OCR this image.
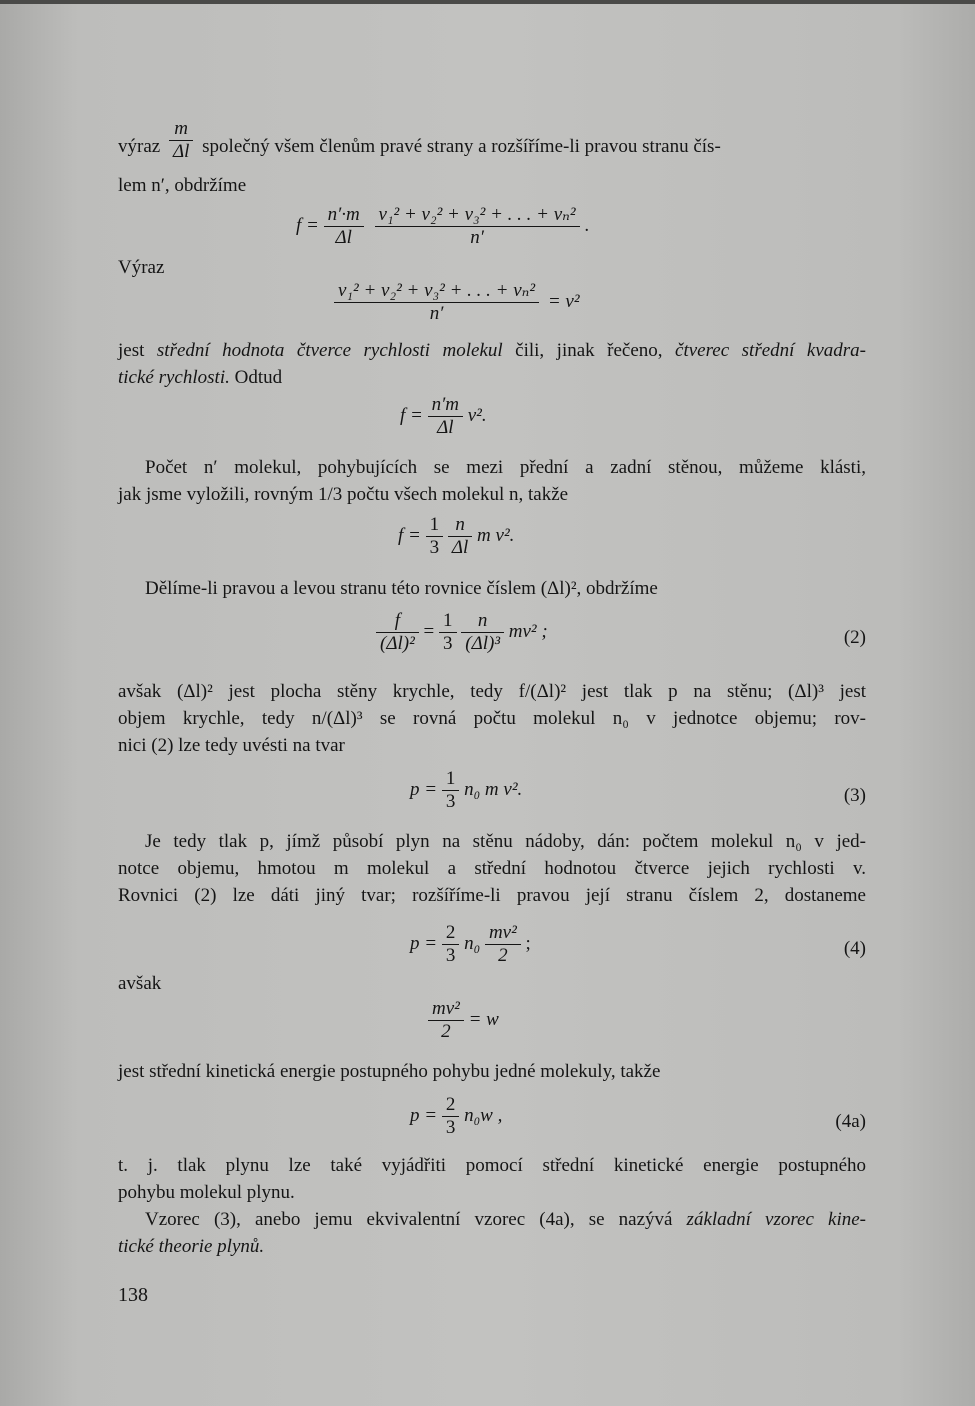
výraz $\frac{m}{\Delta l}$ společný všem členům pravé strany a rozšíříme-li pravou stranu čís-
lem n′, obdržíme
$f = \frac{n'\cdot m}{\Delta l}$
$\frac{\text{v₁² + v₂² + v₃² + . . . + vₙ²}}{n'}$ .
Výraz
$\frac{\text{v₁² + v₂² + v₃² + . . . + vₙ²}}{n'} = v^2$
jest střední hodnota čtverce rychlosti molekul čili, jinak řečeno, čtverec střední kvadra-
tické rychlosti. Odtud
$f = \frac{n'm}{\Delta l} v^2$.
Počet n′ molekul, pohybujících se mezi přední a zadní stěnou, můžeme klásti,
jak jsme vyložili, rovným 1/3 počtu všech molekul n, takže
$f = \frac{1}{3}$
$\frac{n}{\Delta l}$ m v².
Dělíme-li pravou a levou stranu této rovnice číslem (Δl)², obdržíme
$\frac{f}{\text{(Δl)²}} = \frac{1}{3}$
$\frac{n}{\text{(Δl)³}} mv^2$ ;	(2)
avšak (Δl)² jest plocha stěny krychle, tedy f/(Δl)² jest tlak p na stěnu; (Δl)³ jest
objem krychle, tedy n/(Δl)³ se rovná počtu molekul n₀ v jednotce objemu; rov-
nici (2) lze tedy uvésti na tvar
$p = \frac{1}{3} n_0$ m v².	(3)
Je tedy tlak p, jímž působí plyn na stěnu nádoby, dán: počtem molekul n₀ v jed-
notce objemu, hmotou m molekul a střední hodnotou čtverce jejich rychlosti v.
Rovnici (2) lze dáti jiný tvar; rozšíříme-li pravou její stranu číslem 2, dostaneme
$p = \frac{2}{3} n_0 \frac{\text{mv²}}{2}$ ;	(4)
avšak
$\frac{\text{mv²}}{2} = w$
jest střední kinetická energie postupného pohybu jedné molekuly, takže
$p = \frac{2}{3} n_0w$ ,	(4a)
t. j. tlak plynu lze také vyjádřiti pomocí střední kinetické energie postupného
pohybu molekul plynu.
Vzorec (3), anebo jemu ekvivalentní vzorec (4a), se nazývá základní vzorec kine-
tické theorie plynů.
138
